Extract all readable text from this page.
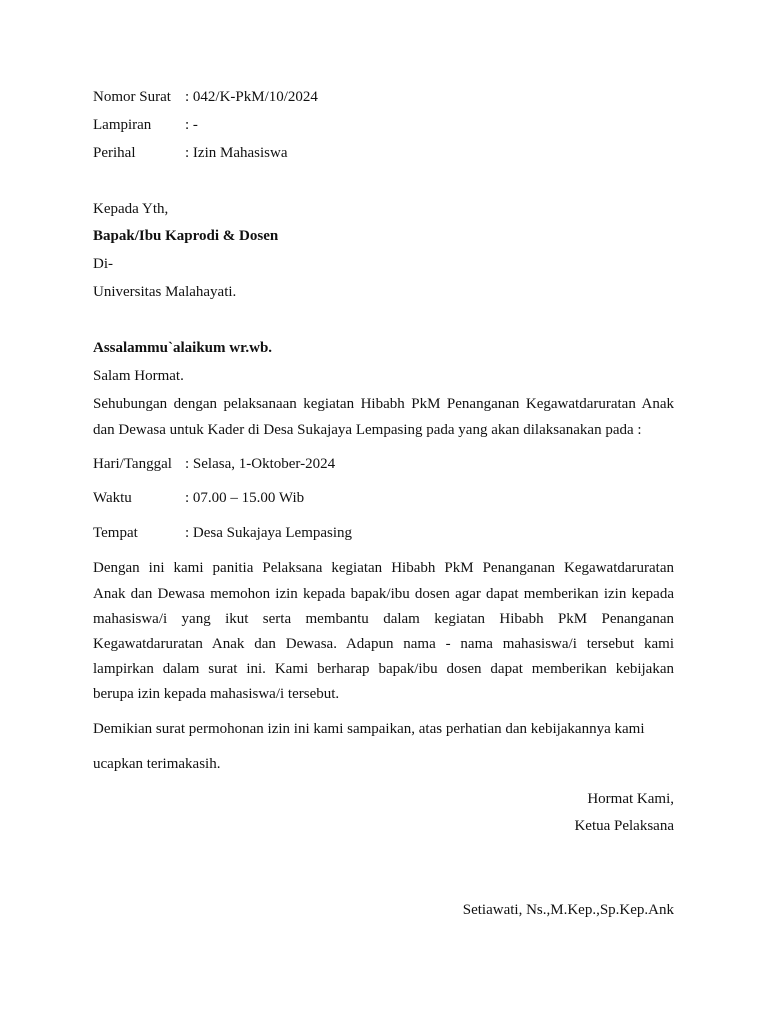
Nomor Surat : 042/K-PkM/10/2024
Lampiran : -
Perihal	: Izin Mahasiswa
Kepada Yth,
Bapak/Ibu Kaprodi & Dosen
Di-
Universitas Malahayati.
Assalammu`alaikum wr.wb.
Salam Hormat.
Sehubungan dengan pelaksanaan kegiatan Hibabh PkM Penanganan Kegawatdaruratan Anak
dan Dewasa untuk Kader di Desa Sukajaya Lempasing pada yang akan dilaksanakan pada :
Hari/Tanggal : Selasa, 1-Oktober-2024
Waktu	: 07.00 – 15.00 Wib
Tempat	: Desa Sukajaya Lempasing
Dengan ini kami panitia Pelaksana kegiatan Hibabh PkM Penanganan Kegawatdaruratan
Anak dan Dewasa memohon izin kepada bapak/ibu dosen agar dapat memberikan izin kepada
mahasiswa/i yang ikut serta membantu dalam kegiatan Hibabh PkM Penanganan
Kegawatdaruratan Anak dan Dewasa. Adapun nama - nama mahasiswa/i tersebut kami
lampirkan dalam surat ini. Kami berharap bapak/ibu dosen dapat memberikan kebijakan
berupa izin kepada mahasiswa/i tersebut.
Demikian surat permohonan izin ini kami sampaikan, atas perhatian dan kebijakannya kami
ucapkan terimakasih.
Hormat Kami,
Ketua Pelaksana
Setiawati, Ns.,M.Kep.,Sp.Kep.Ank
